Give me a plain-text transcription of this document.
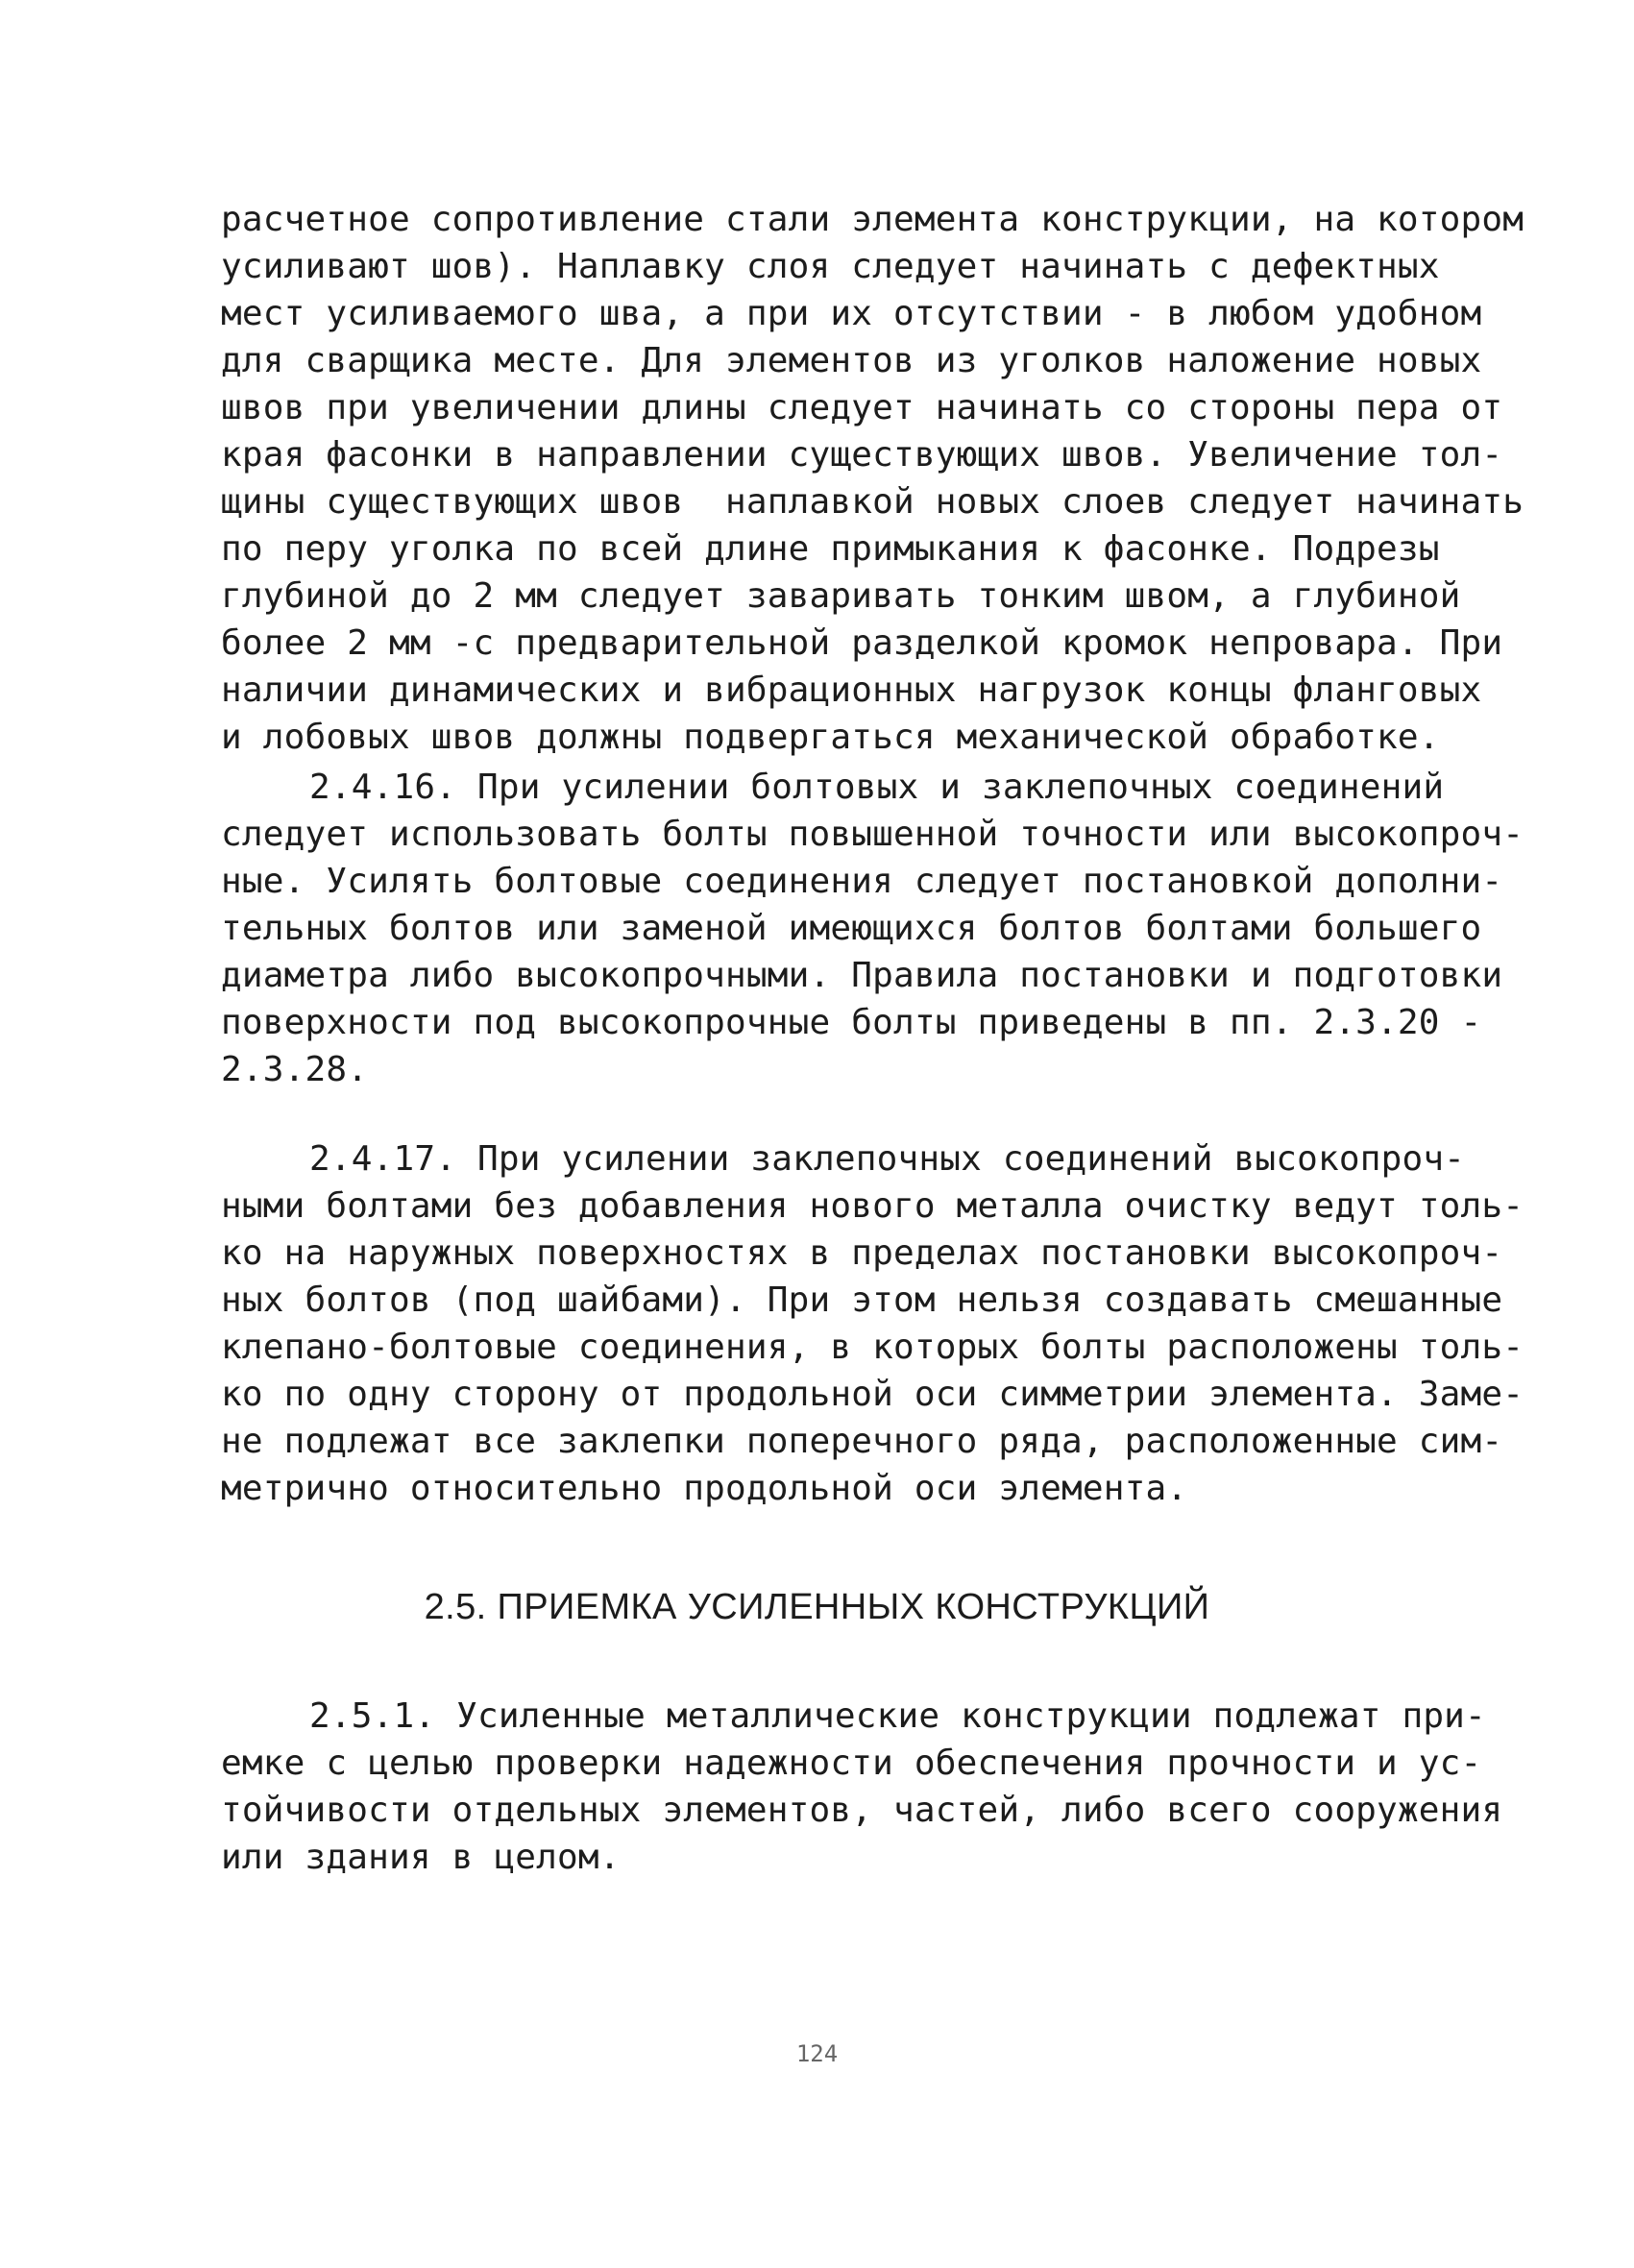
расчетное сопротивление стали элемента конструкции, на котором
усиливают шов). Наплавку слоя следует начинать с дефектных
мест усиливаемого шва, а при их отсутствии - в любом удобном
для сварщика месте. Для элементов из уголков наложение новых
швов при увеличении длины следует начинать со стороны пера от
края фасонки в направлении существующих швов. Увеличение тол-
щины существующих швов  наплавкой новых слоев следует начинать
по перу уголка по всей длине примыкания к фасонке. Подрезы
глубиной до 2 мм следует заваривать тонким швом, а глубиной
более 2 мм -с предварительной разделкой кромок непровара. При
наличии динамических и вибрационных нагрузок концы фланговых
и лобовых швов должны подвергаться механической обработке.
2.4.16. При усилении болтовых и заклепочных соединений
следует использовать болты повышенной точности или высокопроч-
ные. Усилять болтовые соединения следует постановкой дополни-
тельных болтов или заменой имеющихся болтов болтами большего
диаметра либо высокопрочными. Правила постановки и подготовки
поверхности под высокопрочные болты приведены в пп. 2.3.20 -
2.3.28.
2.4.17. При усилении заклепочных соединений высокопроч-
ными болтами без добавления нового металла очистку ведут толь-
ко на наружных поверхностях в пределах постановки высокопроч-
ных болтов (под шайбами). При этом нельзя создавать смешанные
клепано-болтовые соединения, в которых болты расположены толь-
ко по одну сторону от продольной оси симметрии элемента. Заме-
не подлежат все заклепки поперечного ряда, расположенные сим-
метрично относительно продольной оси элемента.
2.5. ПРИЕМКА УСИЛЕННЫХ КОНСТРУКЦИЙ
2.5.1. Усиленные металлические конструкции подлежат при-
емке с целью проверки надежности обеспечения прочности и ус-
тойчивости отдельных элементов, частей, либо всего сооружения
или здания в целом.
124
